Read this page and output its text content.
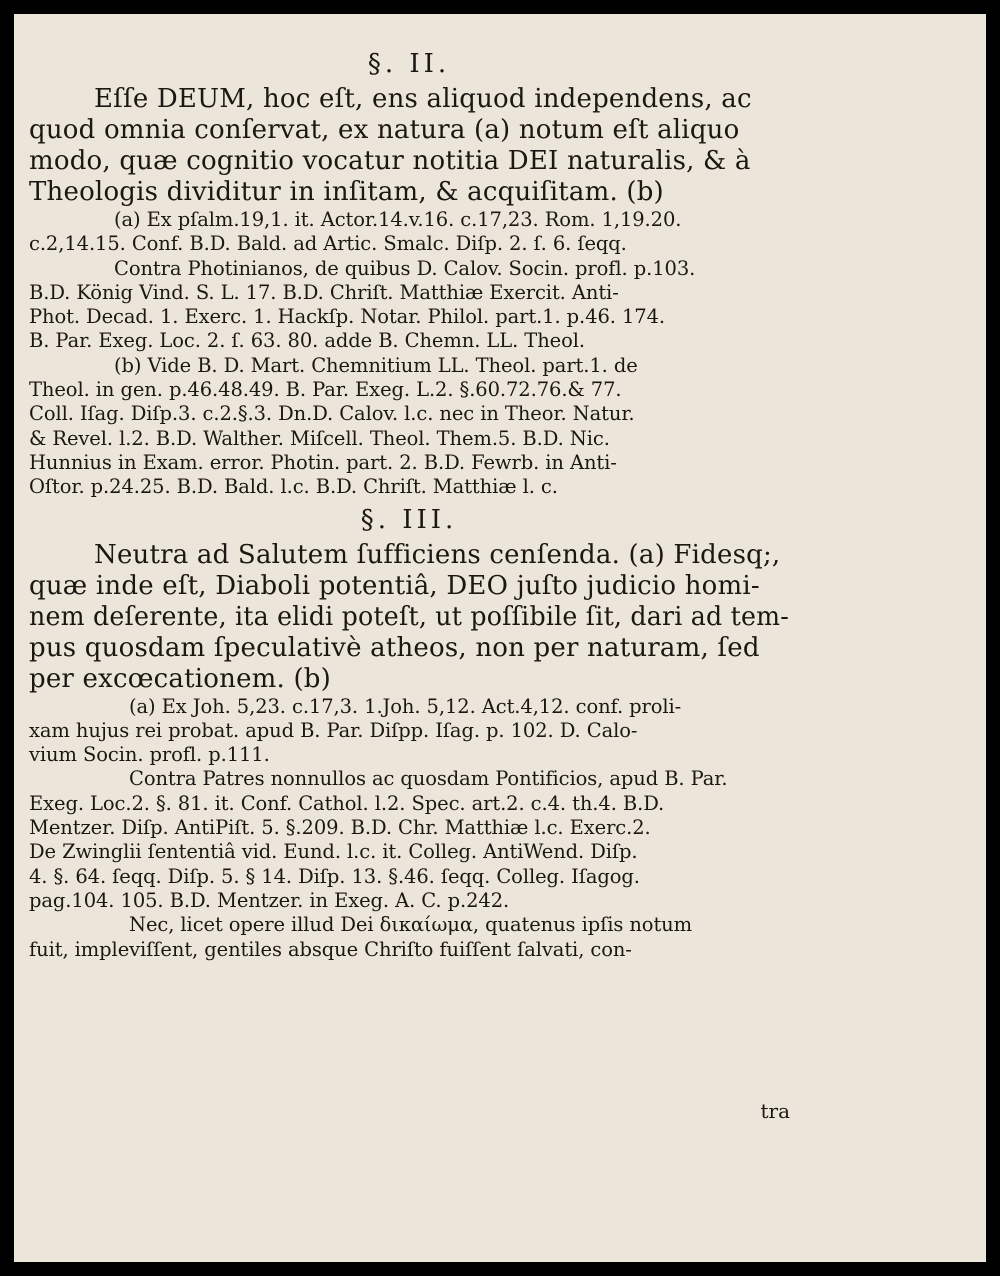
§. II.
Eſſe DEUM, hoc eſt, ens aliquod independens, ac
quod omnia conſervat, ex natura (a) notum eſt aliquo
modo, quæ cognitio vocatur notitia DEI naturalis, & à
Theologis dividitur in inſitam, & acquiſitam. (b)
(a) Ex pſalm.19,1. it. Actor.14.v.16. c.17,23. Rom. 1,19.20.
c.2,14.15. Conf. B.D. Bald. ad Artic. Smalc. Diſp. 2. ſ. 6. ſeqq.
Contra Photinianos, de quibus D. Calov. Socin. profl. p.103.
B.D. König Vind. S. L. 17. B.D. Chriſt. Matthiæ Exercit. Anti-
Phot. Decad. 1. Exerc. 1. Hackſp. Notar. Philol. part.1. p.46. 174.
B. Par. Exeg. Loc. 2. ſ. 63. 80. adde B. Chemn. LL. Theol.
(b) Vide B. D. Mart. Chemnitium LL. Theol. part.1. de
Theol. in gen. p.46.48.49. B. Par. Exeg. L.2. §.60.72.76.& 77.
Coll. Iſag. Diſp.3. c.2.§.3. Dn.D. Calov. l.c. nec in Theor. Natur.
& Revel. l.2. B.D. Walther. Miſcell. Theol. Them.5. B.D. Nic.
Hunnius in Exam. error. Photin. part. 2. B.D. Fewrb. in Anti-
Oſtor. p.24.25. B.D. Bald. l.c. B.D. Chriſt. Matthiæ l. c.
§. III.
Neutra ad Salutem ſufficiens cenſenda. (a) Fidesq;,
quæ inde eſt, Diaboli potentiâ, DEO juſto judicio homi-
nem deſerente, ita elidi poteſt, ut poſſibile ſit, dari ad tem-
pus quosdam ſpeculativè atheos, non per naturam, ſed
per excœcationem. (b)
(a) Ex Joh. 5,23. c.17,3. 1.Joh. 5,12. Act.4,12. conf. proli-
xam hujus rei probat. apud B. Par. Diſpp. Iſag. p. 102. D. Calo-
vium Socin. profl. p.111.
Contra Patres nonnullos ac quosdam Pontificios, apud B. Par.
Exeg. Loc.2. §. 81. it. Conf. Cathol. l.2. Spec. art.2. c.4. th.4. B.D.
Mentzer. Diſp. AntiPiſt. 5. §.209. B.D. Chr. Matthiæ l.c. Exerc.2.
De Zwinglii ſententiâ vid. Eund. l.c. it. Colleg. AntiWend. Diſp.
4. §. 64. ſeqq. Diſp. 5. § 14. Diſp. 13. §.46. ſeqq. Colleg. Iſagog.
pag.104. 105. B.D. Mentzer. in Exeg. A. C. p.242.
Nec, licet opere illud Dei δικαίωμα, quatenus ipſis notum
fuit, impleviſſent, gentiles absque Chriſto fuiſſent ſalvati, con-
tra
